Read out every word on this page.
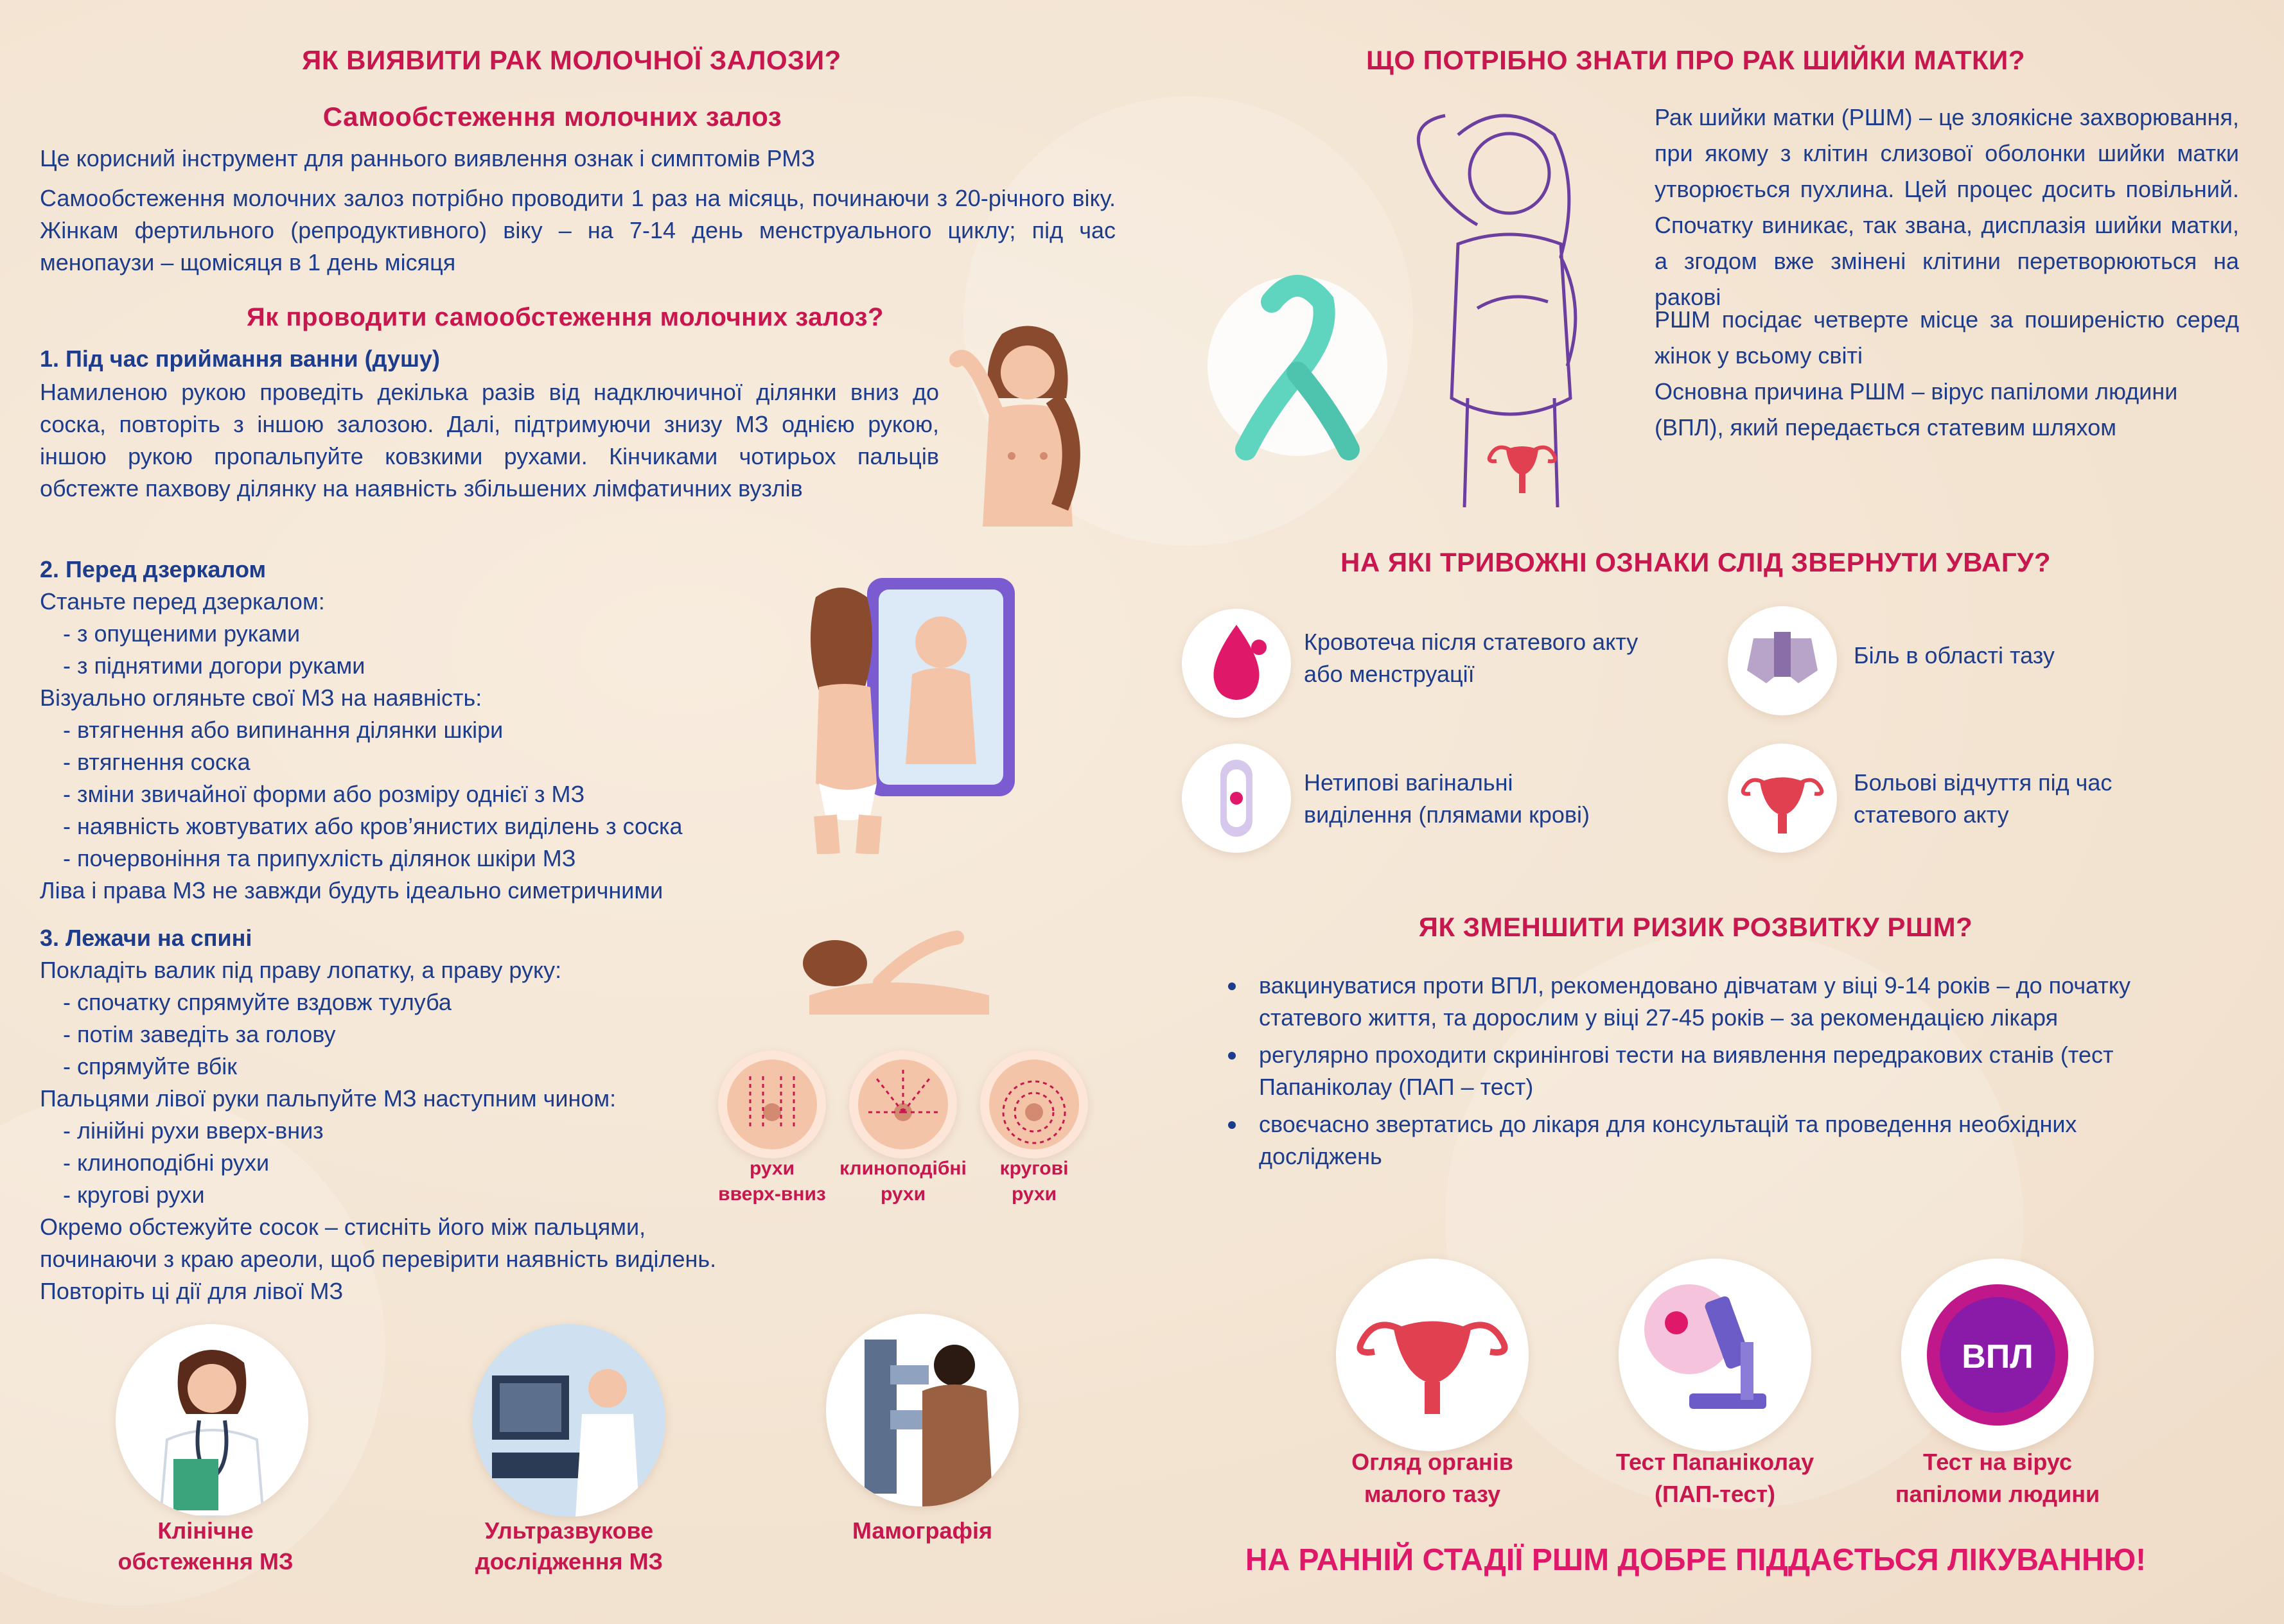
ЯК ВИЯВИТИ РАК МОЛОЧНОЇ ЗАЛОЗИ?
Самообстеження молочних залоз
Це корисний інструмент для раннього виявлення ознак і симптомів РМЗ
Самообстеження молочних залоз потрібно проводити 1 раз на місяць, починаючи з 20-річного віку. Жінкам фертильного (репродуктивного) віку – на 7-14 день менструального циклу; під час менопаузи – щомісяця в 1 день місяця
Як проводити самообстеження молочних залоз?
1. Під час приймання ванни (душу)
Намиленою рукою проведіть декілька разів від надключичної ділянки вниз до соска, повторіть з іншою залозою. Далі, підтримуючи знизу МЗ однією рукою, іншою рукою пропальпуйте ковзкими рухами. Кінчиками чотирьох пальців обстежте пахвову ділянку на наявність збільшених лімфатичних вузлів
2. Перед дзеркалом

Станьте перед дзеркалом:

- з опущеними руками

- з піднятими догори руками

Візуально огляньте свої МЗ на наявність:

- втягнення або випинання ділянки шкіри

- втягнення соска

- зміни звичайної форми або розміру однієї з МЗ

- наявність жовтуватих або кров’янистих виділень з соска

- почервоніння та припухлість ділянок шкіри МЗ

Ліва і права МЗ не завжди будуть ідеально симетричними

3. Лежачи на спині

Покладіть валик під праву лопатку, а праву руку:

- спочатку спрямуйте вздовж тулуба

- потім заведіть за голову

- спрямуйте вбік

Пальцями лівої руки пальпуйте МЗ наступним чином:

- лінійні рухи вверх-вниз

- клиноподібні рухи

- кругові рухи

Окремо обстежуйте сосок – стисніть його між пальцями,

починаючи з краю ареоли, щоб перевірити наявність виділень.

Повторіть ці дії для лівої МЗ

рухи
вверх-вниз
клиноподібні
рухи
кругові
рухи
Клінічне
обстеження МЗ
Ультразвукове
дослідження МЗ
Мамографія
ЩО ПОТРІБНО ЗНАТИ ПРО РАК ШИЙКИ МАТКИ?
Рак шийки матки (РШМ) – це злоякісне захворювання, при якому з клітин слизової оболонки шийки матки утворюється пухлина. Цей процес досить повільний. Спочатку виникає, так звана, дисплазія шийки матки, а згодом вже змінені клітини перетворюються на ракові
РШМ посідає четверте місце за поширеністю серед жінок у всьому світі
Основна причина РШМ – вірус папіломи людини (ВПЛ), який передається статевим шляхом
НА ЯКІ ТРИВОЖНІ ОЗНАКИ СЛІД ЗВЕРНУТИ УВАГУ?
Кровотеча після статевого акту
або менструації
Біль в області тазу
Нетипові вагінальні
виділення (плямами крові)
Больові відчуття під час
статевого акту
ЯК ЗМЕНШИТИ РИЗИК РОЗВИТКУ РШМ?
вакцинуватися проти ВПЛ, рекомендовано дівчатам у віці 9-14 років – до початку статевого життя, та дорослим у віці 27-45 років – за рекомендацією лікаря
регулярно проходити скринінгові тести на виявлення передракових станів (тест Папаніколау (ПАП – тест)
своєчасно звертатись до лікаря для консультацій та проведення необхідних досліджень
ВПЛ
Огляд органів
малого тазу
Тест Папаніколау
(ПАП-тест)
Тест на вірус
папіломи людини
НА РАННІЙ СТАДІЇ РШМ ДОБРЕ ПІДДАЄТЬСЯ ЛІКУВАННЮ!
